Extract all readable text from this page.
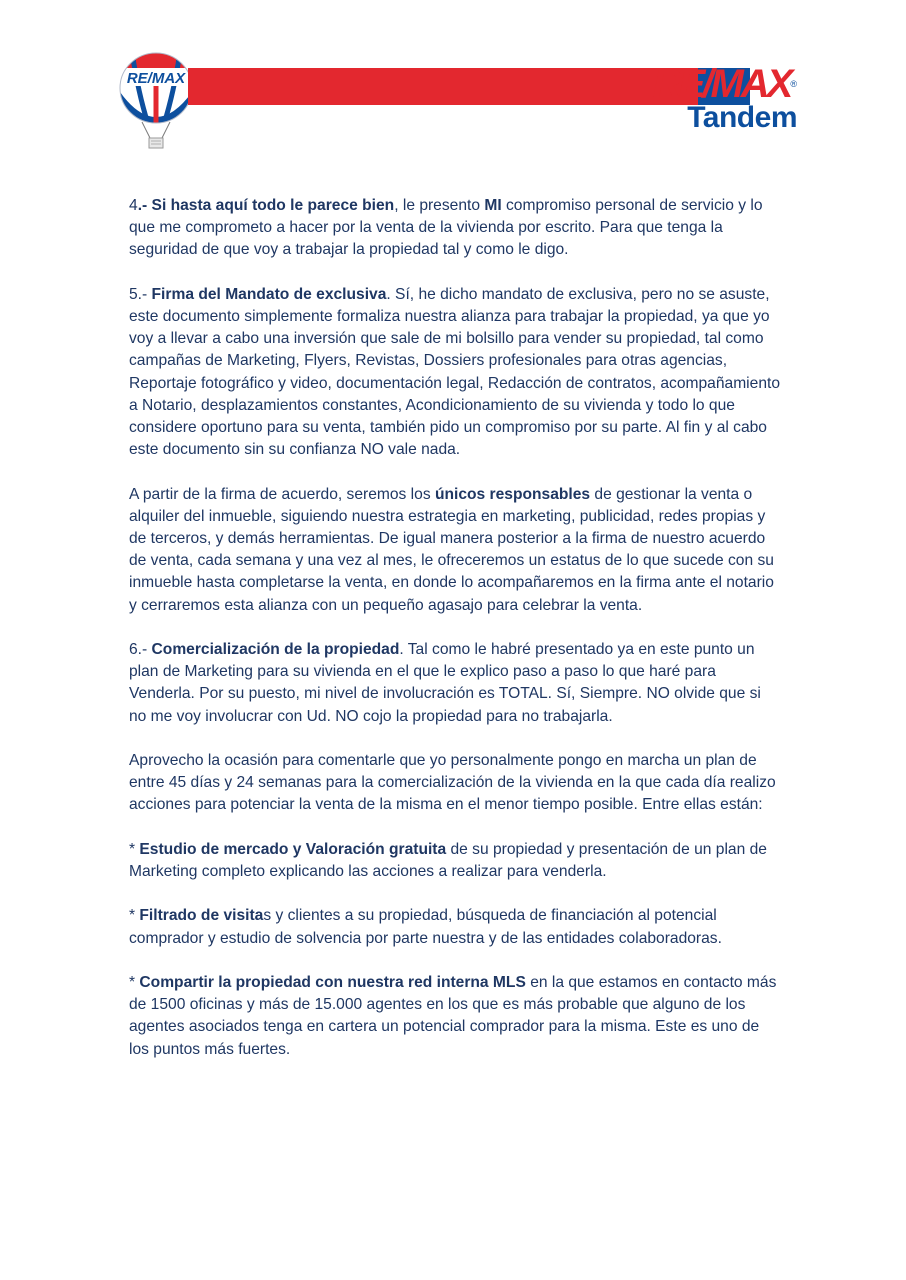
RE/MAX	RE/MAX®
Tandem

4.- Si hasta aquí todo le parece bien, le presento MI compromiso personal de servicio y lo que me comprometo a hacer por la venta de la vivienda por escrito. Para que tenga la seguridad de que voy a trabajar la propiedad tal y como le digo.

5.- Firma del Mandato de exclusiva. Sí, he dicho mandato de exclusiva, pero no se asuste, este documento simplemente formaliza nuestra alianza para trabajar la propiedad, ya que yo voy a llevar a cabo una inversión que sale de mi bolsillo para vender su propiedad, tal como campañas de Marketing, Flyers, Revistas, Dossiers profesionales para otras agencias, Reportaje fotográfico y video, documentación legal, Redacción de contratos, acompañamiento a Notario, desplazamientos constantes, Acondicionamiento de su vivienda y todo lo que considere oportuno para su venta, también pido un compromiso por su parte. Al fin y al cabo este documento sin su confianza NO vale nada.

A partir de la firma de acuerdo, seremos los únicos responsables de gestionar la venta o alquiler del inmueble, siguiendo nuestra estrategia en marketing, publicidad, redes propias y de terceros, y demás herramientas. De igual manera posterior a la firma de nuestro acuerdo de venta, cada semana y una vez al mes, le ofreceremos un estatus de lo que sucede con su inmueble hasta completarse la venta, en donde lo acompañaremos en la firma ante el notario y cerraremos esta alianza con un pequeño agasajo para celebrar la venta.

6.- Comercialización de la propiedad. Tal como le habré presentado ya en este punto un plan de Marketing para su vivienda en el que le explico paso a paso lo que haré para Venderla. Por su puesto, mi nivel de involucración es TOTAL. Sí, Siempre. NO olvide que si no me voy involucrar con Ud. NO cojo la propiedad para no trabajarla.

Aprovecho la ocasión para comentarle que yo personalmente pongo en marcha un plan de entre 45 días y 24 semanas para la comercialización de la vivienda en la que cada día realizo acciones para potenciar la venta de la misma en el menor tiempo posible. Entre ellas están:

* Estudio de mercado y Valoración gratuita de su propiedad y presentación de un plan de Marketing completo explicando las acciones a realizar para venderla.

* Filtrado de visitas y clientes a su propiedad, búsqueda de financiación al potencial comprador y estudio de solvencia por parte nuestra y de las entidades colaboradoras.

* Compartir la propiedad con nuestra red interna MLS en la que estamos en contacto más de 1500 oficinas y más de 15.000 agentes en los que es más probable que alguno de los agentes asociados tenga en cartera un potencial comprador para la misma. Este es uno de los puntos más fuertes.
